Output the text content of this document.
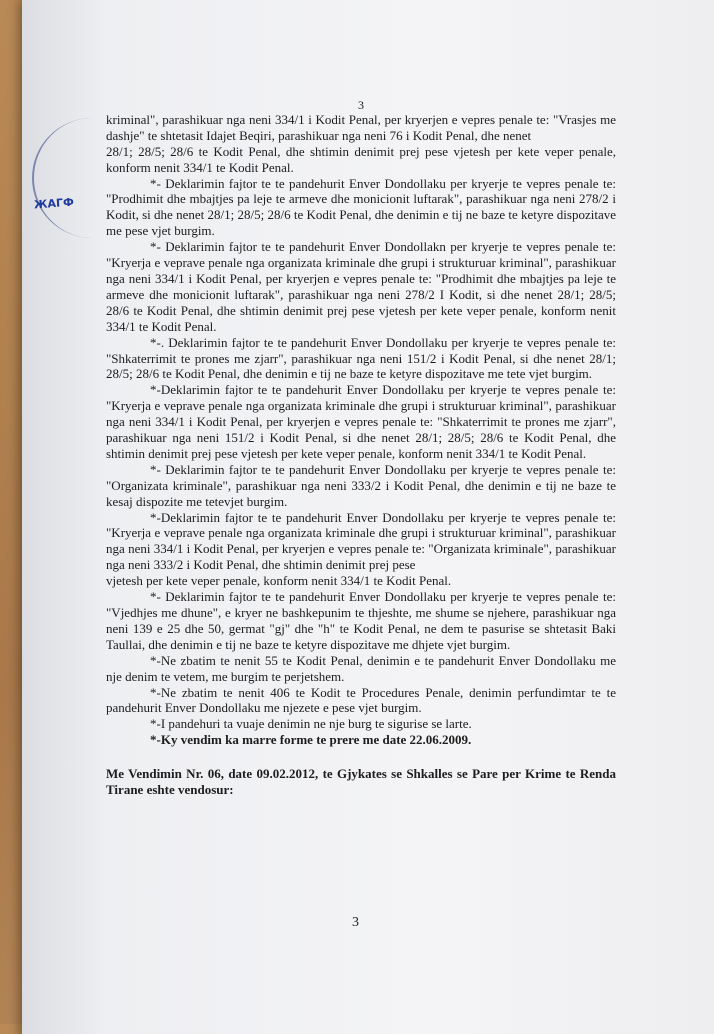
ЖАГФ

3

kriminal", parashikuar nga neni 334/1 i Kodit Penal, per kryerjen e vepres penale te: "Vrasjes me dashje" te shtetasit Idajet Beqiri, parashikuar nga neni 76 i Kodit Penal, dhe nenet

28/1; 28/5; 28/6 te Kodit Penal, dhe shtimin denimit prej pese vjetesh per kete veper penale, konform nenit 334/1 te Kodit Penal.

*- Deklarimin fajtor te te pandehurit Enver Dondollaku per kryerje te vepres penale te: "Prodhimit dhe mbajtjes pa leje te armeve dhe monicionit luftarak", parashikuar nga neni 278/2 i Kodit, si dhe nenet 28/1; 28/5; 28/6 te Kodit Penal, dhe denimin e tij ne baze te ketyre dispozitave me pese vjet burgim.

*- Deklarimin fajtor te te pandehurit Enver Dondollakn per kryerje te vepres penale te: "Kryerja e veprave penale nga organizata kriminale dhe grupi i strukturuar kriminal", parashikuar nga neni 334/1 i Kodit Penal, per kryerjen e vepres penale te: "Prodhimit dhe mbajtjes pa leje te armeve dhe monicionit luftarak", parashikuar nga neni 278/2 I Kodit, si dhe nenet 28/1; 28/5; 28/6 te Kodit Penal, dhe shtimin denimit prej pese vjetesh per kete veper penale, konform nenit 334/1 te Kodit Penal.

*-. Deklarimin fajtor te te pandehurit Enver Dondollaku per kryerje te vepres penale te: "Shkaterrimit te prones me zjarr", parashikuar nga neni 151/2 i Kodit Penal, si dhe nenet 28/1; 28/5; 28/6 te Kodit Penal, dhe denimin e tij ne baze te ketyre dispozitave me tete vjet burgim.

*-Deklarimin fajtor te te pandehurit Enver Dondollaku per kryerje te vepres penale te: "Kryerja e veprave penale nga organizata kriminale dhe grupi i strukturuar kriminal", parashikuar nga neni 334/1 i Kodit Penal, per kryerjen e vepres penale te: "Shkaterrimit te prones me zjarr", parashikuar nga neni 151/2 i Kodit Penal, si dhe nenet 28/1; 28/5; 28/6 te Kodit Penal, dhe shtimin denimit prej pese vjetesh per kete veper penale, konform nenit 334/1 te Kodit Penal.

*- Deklarimin fajtor te te pandehurit Enver Dondollaku per kryerje te vepres penale te: "Organizata kriminale", parashikuar nga neni 333/2 i Kodit Penal, dhe denimin e tij ne baze te kesaj dispozite me tetevjet burgim.

*-Deklarimin fajtor te te pandehurit Enver Dondollaku per kryerje te vepres penale te: "Kryerja e veprave penale nga organizata kriminale dhe grupi i strukturuar kriminal", parashikuar nga neni 334/1 i Kodit Penal, per kryerjen e vepres penale te: "Organizata kriminale", parashikuar nga neni 333/2 i Kodit Penal, dhe shtimin denimit prej pese

vjetesh per kete veper penale, konform nenit 334/1 te Kodit Penal.

*- Deklarimin fajtor te te pandehurit Enver Dondollaku per kryerje te vepres penale te: "Vjedhjes me dhune", e kryer ne bashkepunim te thjeshte, me shume se njehere, parashikuar nga neni 139 e 25 dhe 50, germat "gj" dhe "h" te Kodit Penal, ne dem te pasurise se shtetasit Baki Taullai, dhe denimin e tij ne baze te ketyre dispozitave me dhjete vjet burgim.

*-Ne zbatim te nenit 55 te Kodit Penal, denimin e te pandehurit Enver Dondollaku me nje denim te vetem, me burgim te perjetshem.

*-Ne zbatim te nenit 406 te Kodit te Procedures Penale, denimin perfundimtar te te pandehurit Enver Dondollaku me njezete e pese vjet burgim.

*-I pandehuri ta vuaje denimin ne nje burg te sigurise se larte.

*-Ky vendim ka marre forme te prere me date 22.06.2009.

Me Vendimin Nr. 06, date 09.02.2012, te Gjykates se Shkalles se Pare per Krime te Renda Tirane eshte vendosur:

3
